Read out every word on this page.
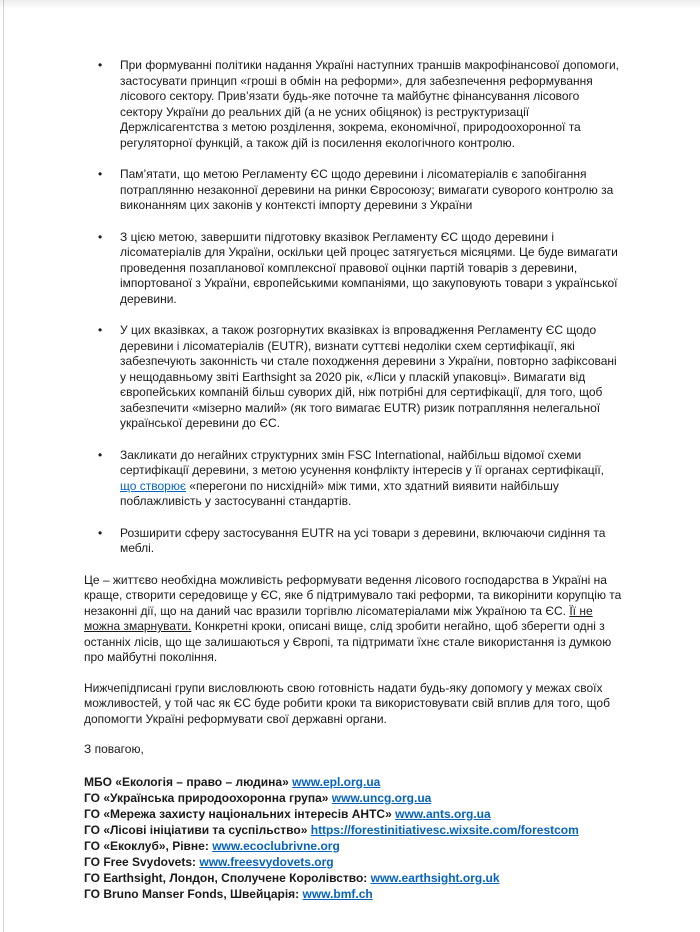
•	При формуванні політики надання Україні наступних траншів макрофінансової допомоги, застосувати принцип «гроші в обмін на реформи», для забезпечення реформування лісового сектору. Прив’язати будь-яке поточне та майбутнє фінансування лісового сектору України до реальних дій (а не усних обіцянок) із реструктуризації Держлісагентства з метою розділення, зокрема, економічної, природоохоронної та регуляторної функцій, а також дій із посилення екологічного контролю.
•	Пам’ятати, що метою Регламенту ЄС щодо деревини і лісоматеріалів є запобігання потраплянню незаконної деревини на ринки Євросоюзу; вимагати суворого контролю за виконанням цих законів у контексті імпорту деревини з України
•	З цією метою, завершити підготовку вказівок Регламенту ЄС щодо деревини і лісоматеріалів для України, оскільки цей процес затягується місяцями. Це буде вимагати проведення позапланової комплексної правової оцінки партій товарів з деревини, імпортованої з України, європейськими компаніями, що закуповують товари з української деревини.
•	У цих вказівках, а також розгорнутих вказівках із впровадження Регламенту ЄС щодо деревини і лісоматеріалів (EUTR), визнати суттєві недоліки схем сертифікації, які забезпечують законність чи стале походження деревини з України, повторно зафіксовані у нещодавньому звіті Earthsight за 2020 рік, «Ліси у пласкій упаковці». Вимагати від європейських компаній більш суворих дій, ніж потрібні для сертифікації, для того, щоб забезпечити «мізерно малий» (як того вимагає EUTR) ризик потрапляння нелегальної української деревини до ЄС.
•	Закликати до негайних структурних змін FSC International, найбільш відомої схеми сертифікації деревини, з метою усунення конфлікту інтересів у її органах сертифікації, що створює «перегони по нисхідній» між тими, хто здатний виявити найбільшу поблажливість у застосуванні стандартів.
•	Розширити сферу застосування EUTR на усі товари з деревини, включаючи сидіння та меблі.

Це – життєво необхідна можливість реформувати ведення лісового господарства в Україні на краще, створити середовище у ЄС, яке б підтримувало такі реформи, та викорінити корупцію та незаконні дії, що на даний час вразили торгівлю лісоматеріалами між Україною та ЄС. Її не можна змарнувати. Конкретні кроки, описані вище, слід зробити негайно, щоб зберегти одні з останніх лісів, що ще залишаються у Європі, та підтримати їхнє стале використання із думкою про майбутні покоління.

Нижчепідписані групи висловлюють свою готовність надати будь-яку допомогу у межах своїх можливостей, у той час як ЄС буде робити кроки та використовувати свій вплив для того, щоб допомогти Україні реформувати свої державні органи.

З повагою,

МБО «Екологія – право – людина» www.epl.org.ua
ГО «Українська природоохоронна група» www.uncg.org.ua
ГО «Мережа захисту національних інтересів АНТС» www.ants.org.ua
ГО «Лісові ініціативи та суспільство» https://forestinitiativesc.wixsite.com/forestcom
ГО «Екоклуб», Рівне: www.ecoclubrivne.org
ГО Free Svydovets: www.freesvydovets.org
ГО Earthsight, Лондон, Сполучене Королівство: www.earthsight.org.uk
ГО Bruno Manser Fonds, Швейцарія: www.bmf.ch
